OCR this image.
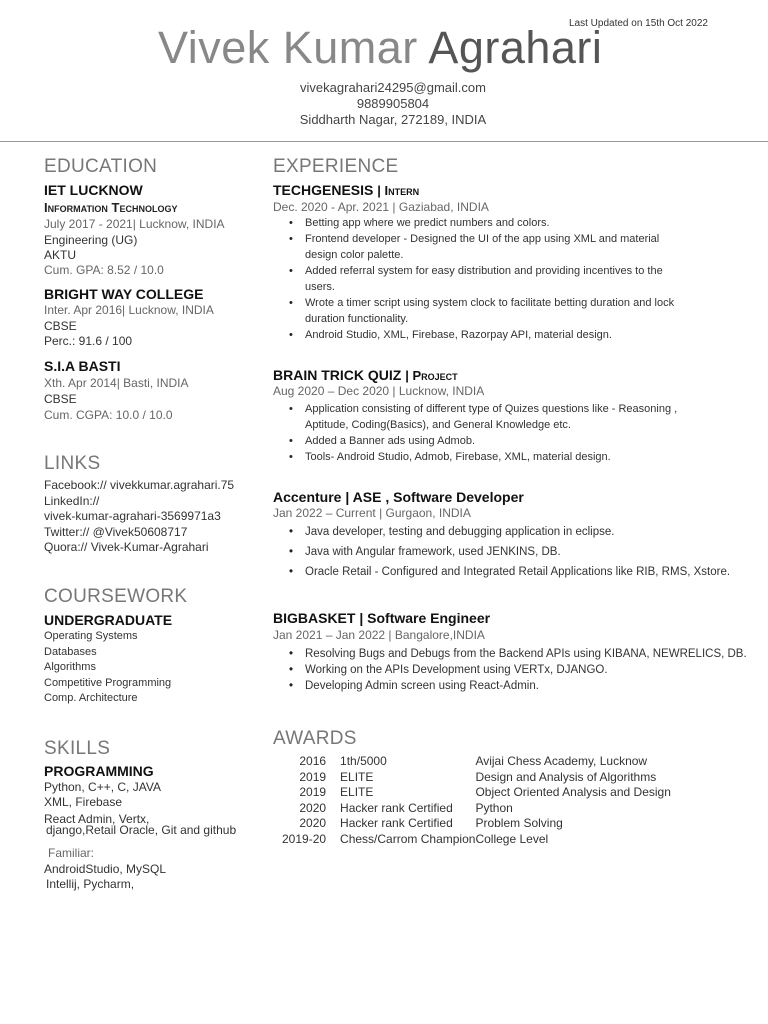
Last Updated on 15th Oct 2022
Vivek Kumar Agrahari
vivekagrahari24295@gmail.com
9889905804
Siddharth Nagar, 272189, INDIA
EDUCATION
IET LUCKNOW
Information Technology
July 2017 - 2021| Lucknow, INDIA
Engineering (UG)
AKTU
Cum. GPA: 8.52 / 10.0
BRIGHT WAY COLLEGE
Inter. Apr 2016| Lucknow, INDIA
CBSE
Perc.: 91.6 / 100
S.I.A BASTI
Xth. Apr 2014| Basti, INDIA
CBSE
Cum. CGPA: 10.0 / 10.0
LINKS
Facebook:// vivekkumar.agrahari.75
LinkedIn://
vivek-kumar-agrahari-3569971a3
Twitter:// @Vivek50608717
Quora:// Vivek-Kumar-Agrahari
COURSEWORK
UNDERGRADUATE
Operating Systems
Databases
Algorithms
Competitive Programming
Comp. Architecture
SKILLS
PROGRAMMING
Python, C++, C, JAVA
XML, Firebase
React Admin, Vertx,
django,Retail Oracle, Git and github
Familiar:
AndroidStudio, MySQL
Intellij, Pycharm,
EXPERIENCE
TECHGENESIS | Intern
Dec. 2020 - Apr. 2021 | Gaziabad, INDIA
• Betting app where we predict numbers and colors.
• Frontend developer - Designed the UI of the app using XML and material
design color palette.
• Added referral system for easy distribution and providing incentives to the
users.
• Wrote a timer script using system clock to facilitate betting duration and lock
duration functionality.
• Android Studio, XML, Firebase, Razorpay API, material design.
BRAIN TRICK QUIZ | Project
Aug 2020 – Dec 2020 | Lucknow, INDIA
• Application consisting of different type of Quizes questions like - Reasoning ,
Aptitude, Coding(Basics), and General Knowledge etc.
• Added a Banner ads using Admob.
• Tools- Android Studio, Admob, Firebase, XML, material design.
Accenture | ASE , Software Developer
Jan 2022 – Current | Gurgaon, INDIA
• Java developer, testing and debugging application in eclipse.
• Java with Angular framework, used JENKINS, DB.
• Oracle Retail - Configured and Integrated Retail Applications like RIB, RMS, Xstore.
BIGBASKET | Software Engineer
Jan 2021 – Jan 2022 | Bangalore,INDIA
• Resolving Bugs and Debugs from the Backend APIs using KIBANA, NEWRELICS, DB.
• Working on the APIs Development using VERTx, DJANGO.
• Developing Admin screen using React-Admin.
AWARDS
2016	1th/5000	Avijai Chess Academy, Lucknow
2019	ELITE	Design and Analysis of Algorithms
2019	ELITE	Object Oriented Analysis and Design
2020	Hacker rank Certified	Python
2020	Hacker rank Certified	Problem Solving
2019-20	Chess/Carrom Champion	College Level
